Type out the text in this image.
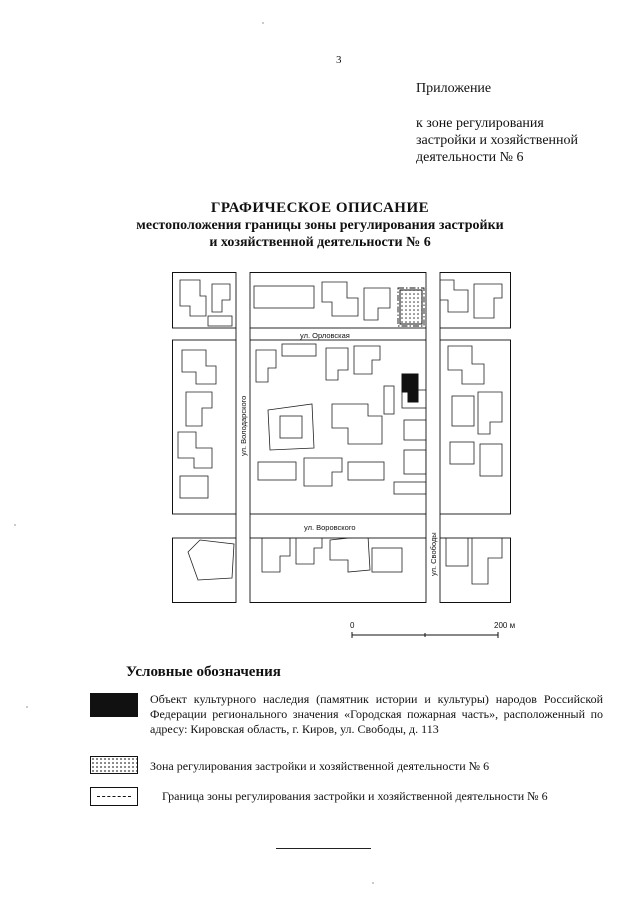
3
Приложение
к зоне регулирования
застройки и хозяйственной
деятельности № 6
ГРАФИЧЕСКОЕ ОПИСАНИЕ
местоположения границы зоны регулирования застройки
и хозяйственной деятельности № 6
ул. Орловская
ул. Воровского
ул. Володарского
ул. Свободы
0	200 м
Условные обозначения
Объект культурного наследия (памятник истории и культуры) народов Российской Федерации регионального значения «Городская пожарная часть», расположенный по адресу: Кировская область, г. Киров, ул. Свободы, д. 113
Зона регулирования застройки и хозяйственной деятельности № 6
Граница зоны регулирования застройки и хозяйственной деятельности № 6
